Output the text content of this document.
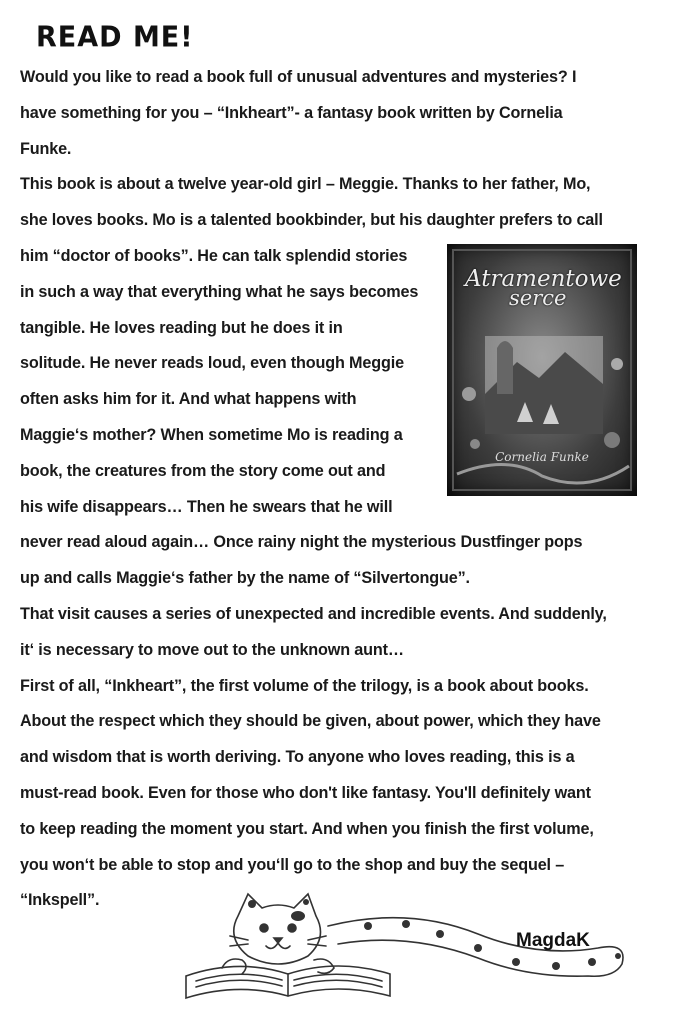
READ ME!
Would you like to read a book full of unusual adventures and mysteries? I
have something for you – “Inkheart”- a fantasy book written by Cornelia
Funke.
This book is about a twelve year-old girl – Meggie. Thanks to her father, Mo,
she loves books. Mo is a talented bookbinder, but his daughter prefers to call
him “doctor of books”. He can talk splendid stories
in such a way that everything what he says becomes
tangible. He loves reading but he does it in
solitude. He never reads loud, even though Meggie
often asks him for it. And what happens with
Maggie‘s mother? When sometime Mo is reading a
book, the creatures from the story come out and
his wife disappears… Then he swears that he will
never read aloud again… Once rainy night the mysterious Dustfinger pops
up and calls Maggie‘s father by the name of “Silvertongue”.
That visit causes a series of unexpected and incredible events. And suddenly,
it‘ is necessary to move out to the unknown aunt…
First of all, “Inkheart”, the first volume of the trilogy, is a book about books.
About the respect which they should be given, about power, which they have
and wisdom that is worth deriving. To anyone who loves reading, this is a
must-read book. Even for those who don't like fantasy. You'll definitely want
to keep reading the moment you start. And when you finish the first volume,
you won‘t be able to stop and you‘ll go to the shop and buy the sequel –
“Inkspell”.
Atramentowe
serce
Cornelia Funke
MagdaK
